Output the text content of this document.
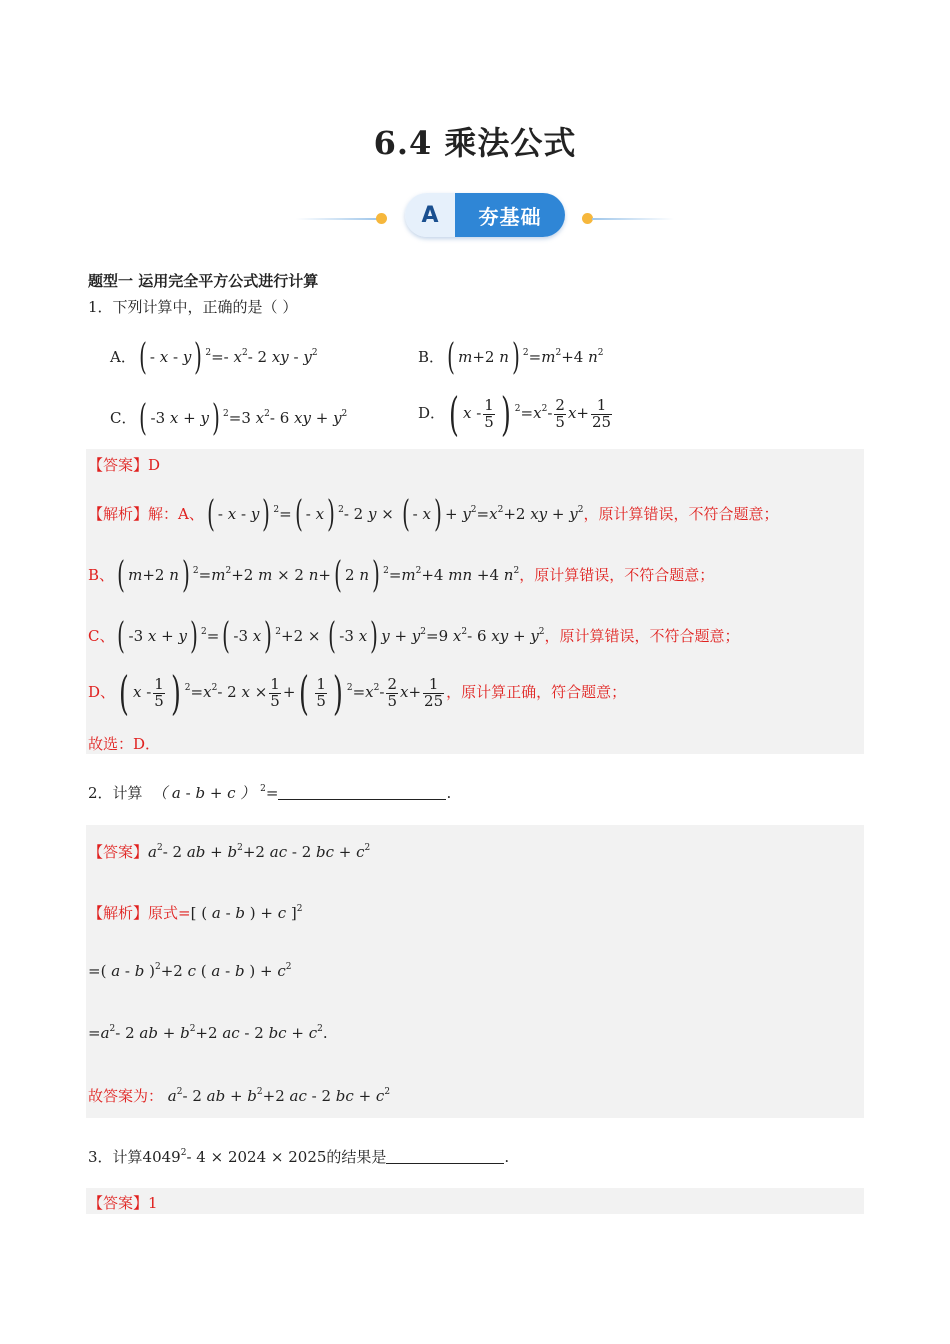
6.4 乘法公式
A	夯基础
题型一 运用完全平方公式进行计算
1．下列计算中，正确的是（ ）
A．( - x - y) $^2$=- $x^2-$ 2 xy - $y^2$	B．( m+2 n) $^2=m^2+4$ $n^2$
C．( -3 x + y) $^2$=3 $x^2-$ 6 xy + $y^2$	D．( x - $\frac{1}{5}$ ) $^2=x^2- \frac{2}{5} x+ \frac{1}{25}$
【答案】D
【解析】解：A、( - x - y) $^2$=( - x) $^2$- 2 y × ( - $x) + y^2=x^2+2$ xy + $y^2$，原计算错误，不符合题意；
B、( m+2 n) $^2=m^2+2$ m × 2 n+( 2 n) $^2=m^2+4$ mn +4 $n^2$，原计算错误，不符合题意；
C、( -3 x + y) $^2$=( -3 x) $^2$+2 × ( -3 x) $y + y^2=9$ $x^2-$ 6 xy + $y^2$，原计算错误，不符合题意；
D、( x - $\frac{1}{5}$ ) $^2=x^2-$ 2 $x \times \frac{1}{5}$ +( $\frac{1}{5}$ ) $^2=x^2- \frac{2}{5} x+ \frac{1}{25}$ ，原计算正确，符合题意；
故选：D．
2．计算 （ a - b + c ） $^2$=	.
【答案】$a^2-$ 2 ab + $b^2+2$ ac - 2 bc + $c^2$
【解析】原式=[ ( a - b ) + c ]$^2$
=( a - b )$^2$+2 c ( a - b ) + $c^2$
$=a^2-$ 2 ab + $b^2+2$ ac - 2 bc + $c^2$.
故答案为： $a^2-$ 2 ab + $b^2+2$ ac - 2 bc + $c^2$
3．计算4049$^2$- 4 × 2024 × 2025的结果是	.
【答案】1
